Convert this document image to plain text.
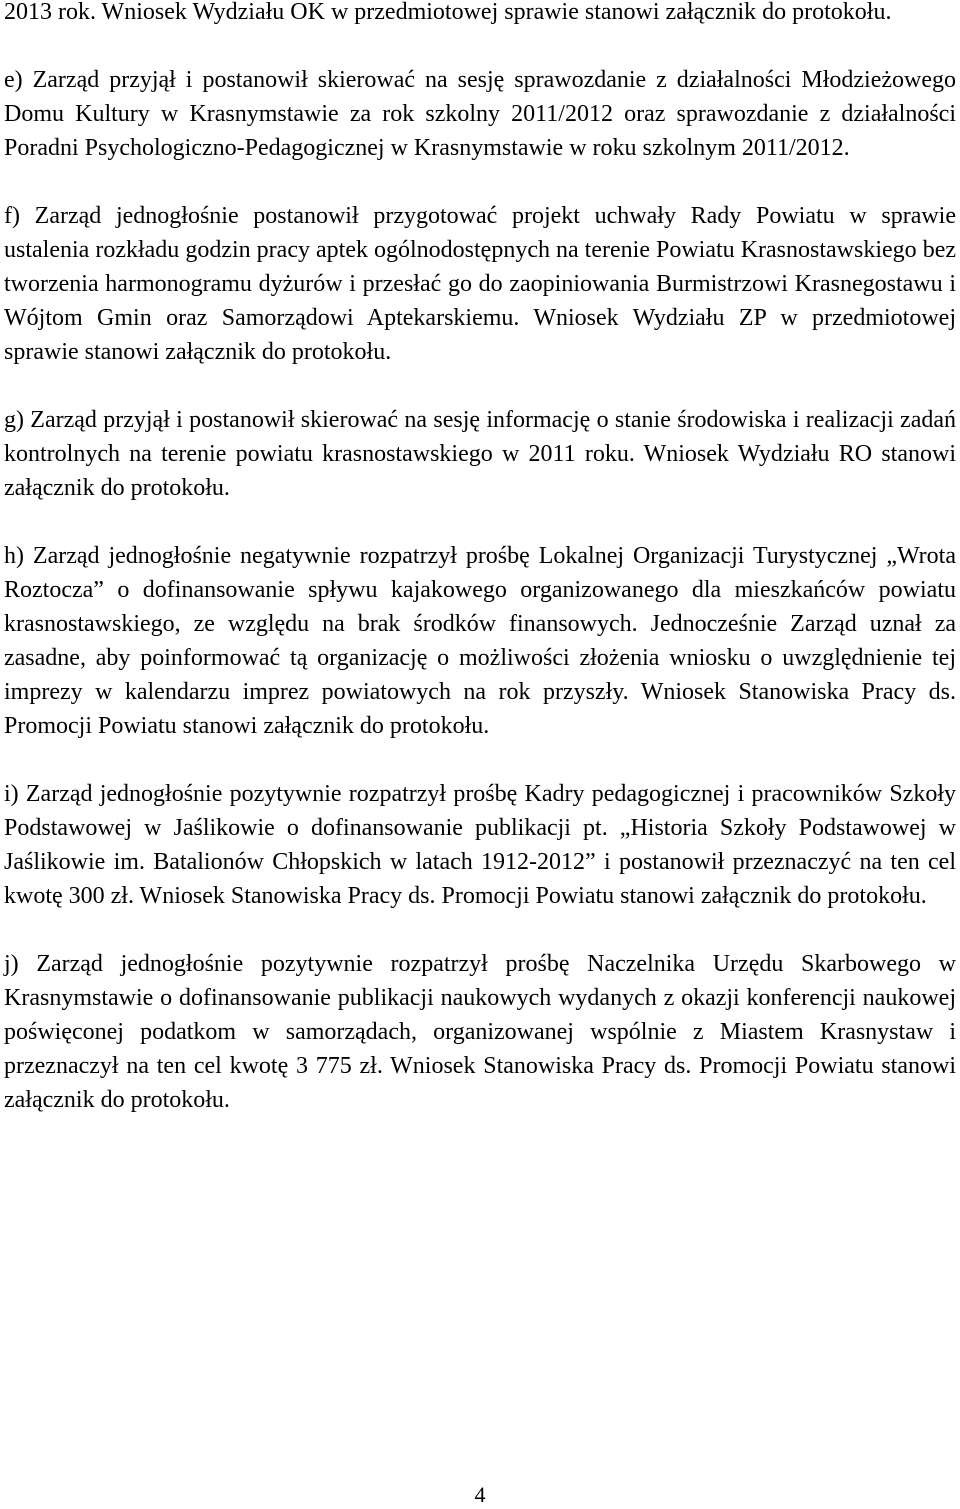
2013 rok. Wniosek Wydziału OK w przedmiotowej sprawie stanowi załącznik do protokołu.

e) Zarząd przyjął i postanowił skierować na sesję sprawozdanie z działalności Młodzieżowego Domu Kultury w Krasnymstawie za rok szkolny 2011/2012 oraz sprawozdanie z działalności Poradni Psychologiczno-Pedagogicznej w Krasnymstawie w roku szkolnym 2011/2012.

f) Zarząd jednogłośnie postanowił przygotować projekt uchwały Rady Powiatu w sprawie ustalenia rozkładu godzin pracy aptek ogólnodostępnych na terenie Powiatu Krasnostawskiego bez tworzenia harmonogramu dyżurów i przesłać go do zaopiniowania Burmistrzowi Krasnegostawu i Wójtom Gmin oraz Samorządowi Aptekarskiemu. Wniosek Wydziału ZP w przedmiotowej sprawie stanowi załącznik do protokołu.

g) Zarząd przyjął i postanowił skierować na sesję informację o stanie środowiska i realizacji zadań kontrolnych na terenie powiatu krasnostawskiego w 2011 roku. Wniosek Wydziału RO stanowi załącznik do protokołu.

h) Zarząd jednogłośnie negatywnie rozpatrzył prośbę Lokalnej Organizacji Turystycznej „Wrota Roztocza” o dofinansowanie spływu kajakowego organizowanego dla mieszkańców powiatu krasnostawskiego, ze względu na brak środków finansowych. Jednocześnie Zarząd uznał za zasadne, aby poinformować tą organizację o możliwości złożenia wniosku o uwzględnienie tej imprezy w kalendarzu imprez powiatowych na rok przyszły. Wniosek Stanowiska Pracy ds. Promocji Powiatu stanowi załącznik do protokołu.

i) Zarząd jednogłośnie pozytywnie rozpatrzył prośbę Kadry pedagogicznej i pracowników Szkoły Podstawowej w Jaślikowie o dofinansowanie publikacji pt. „Historia Szkoły Podstawowej w Jaślikowie im. Batalionów Chłopskich w latach 1912-2012” i postanowił przeznaczyć na ten cel kwotę 300 zł. Wniosek Stanowiska Pracy ds. Promocji Powiatu stanowi załącznik do protokołu.

j) Zarząd jednogłośnie pozytywnie rozpatrzył prośbę Naczelnika Urzędu Skarbowego w Krasnymstawie o dofinansowanie publikacji naukowych wydanych z okazji konferencji naukowej poświęconej podatkom w samorządach, organizowanej wspólnie z Miastem Krasnystaw i przeznaczył na ten cel kwotę 3 775 zł. Wniosek Stanowiska Pracy ds. Promocji Powiatu stanowi załącznik do protokołu.

4
